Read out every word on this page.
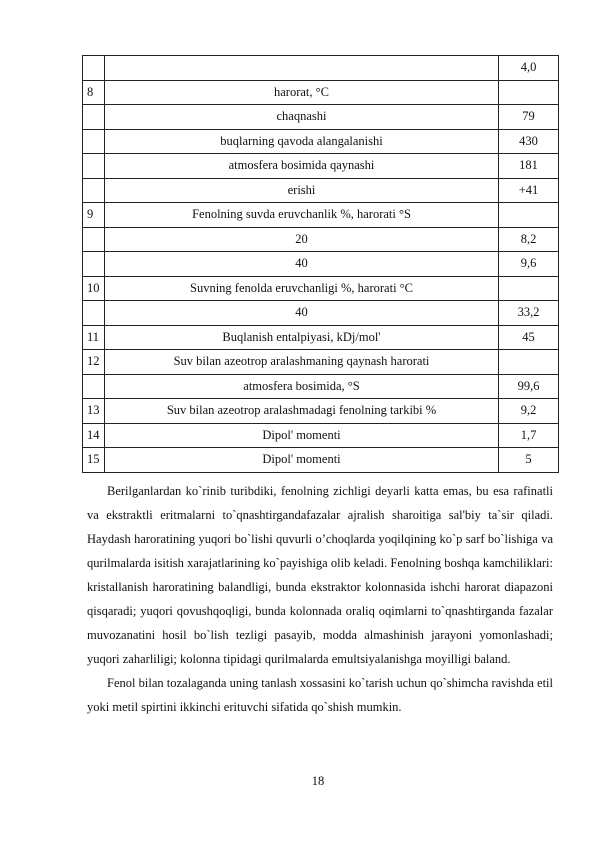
		4,0
8	harorat, °C	
	chaqnashi	79
	buqlarning qavoda alangalanishi	430
	atmosfera bosimida qaynashi	181
	erishi	+41
9	Fenolning suvda eruvchanlik %, harorati °S	
	20	8,2
	40	9,6
10	Suvning fenolda eruvchanligi %, harorati °C	
	40	33,2
11	Buqlanish entalpiyasi, kDj/mol'	45
12	Suv bilan azeotrop aralashmaning qaynash harorati	
	atmosfera bosimida, °S	99,6
13	Suv bilan azeotrop aralashmadagi fenolning tarkibi %	9,2
14	Dipol' momenti	1,7
15	Dipol' momenti	5

Berilganlardan ko`rinib turibdiki, fenolning zichligi deyarli katta emas, bu esa rafinatli va ekstraktli eritmalarni to`qnashtirgandafazalar ajralish sharoitiga sal'biy ta`sir qiladi. Haydash haroratining yuqori bo`lishi quvurli o’choqlarda yoqilqining ko`p sarf bo`lishiga va qurilmalarda isitish xarajatlarining ko`payishiga olib keladi. Fenolning boshqa kamchiliklari: kristallanish haroratining balandligi, bunda ekstraktor kolonnasida ishchi harorat diapazoni qisqaradi; yuqori qovushqoqligi, bunda kolonnada oraliq oqimlarni to`qnashtirganda fazalar muvozanatini hosil bo`lish tezligi pasayib, modda almashinish jarayoni yomonlashadi; yuqori zaharliligi; kolonna tipidagi qurilmalarda emultsiyalanishga moyilligi baland.

Fenol bilan tozalaganda uning tanlash xossasini ko`tarish uchun qo`shimcha ravishda etil yoki metil spirtini ikkinchi erituvchi sifatida qo`shish mumkin.

18
